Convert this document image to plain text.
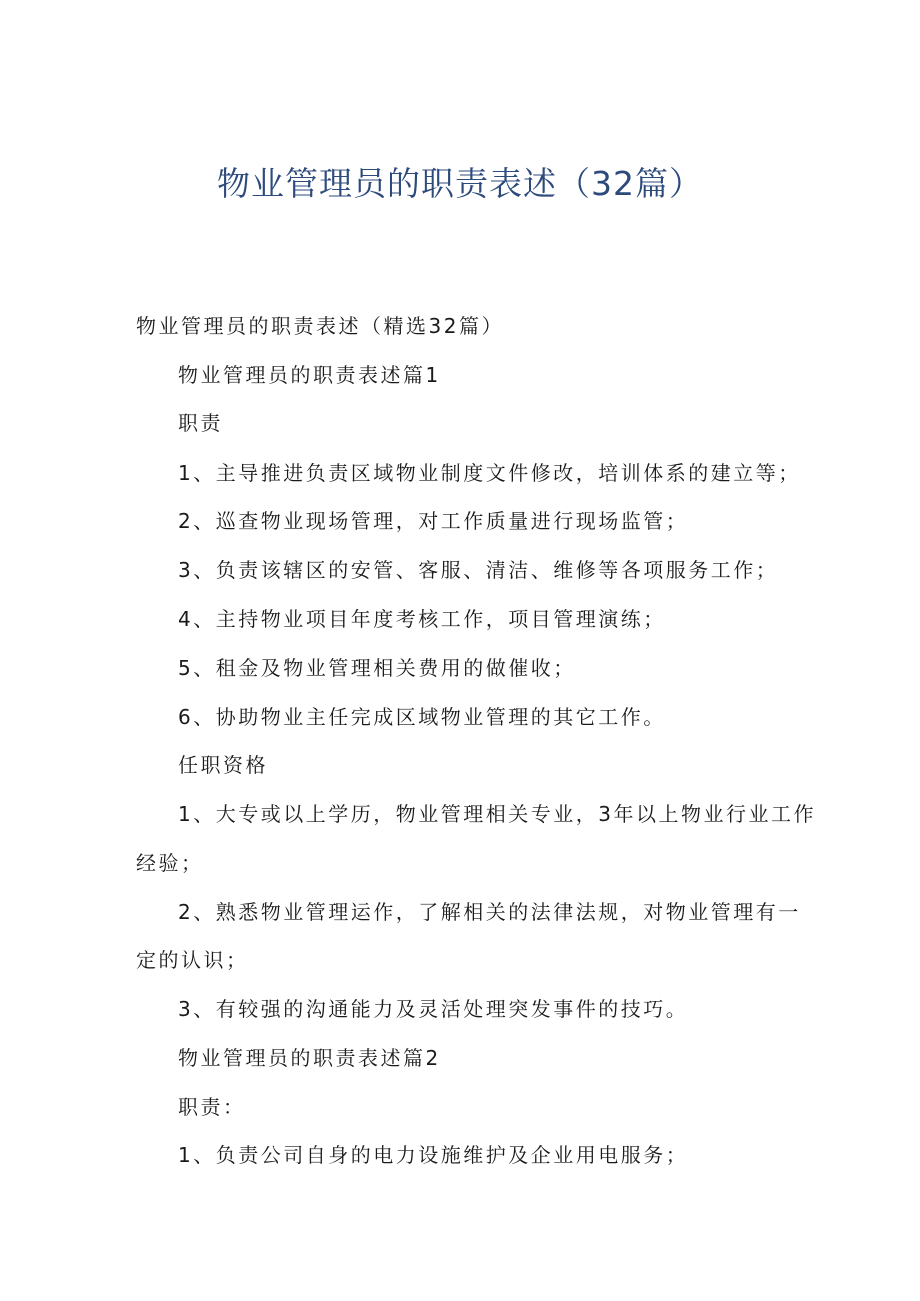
物业管理员的职责表述（32篇）
物业管理员的职责表述（精选32篇）
物业管理员的职责表述篇1
职责
1、主导推进负责区域物业制度文件修改，培训体系的建立等；
2、巡查物业现场管理，对工作质量进行现场监管；
3、负责该辖区的安管、客服、清洁、维修等各项服务工作；
4、主持物业项目年度考核工作，项目管理演练；
5、租金及物业管理相关费用的做催收；
6、协助物业主任完成区域物业管理的其它工作。
任职资格
1、大专或以上学历，物业管理相关专业，3年以上物业行业工作
经验；
2、熟悉物业管理运作，了解相关的法律法规，对物业管理有一
定的认识；
3、有较强的沟通能力及灵活处理突发事件的技巧。
物业管理员的职责表述篇2
职责：
1、负责公司自身的电力设施维护及企业用电服务；
